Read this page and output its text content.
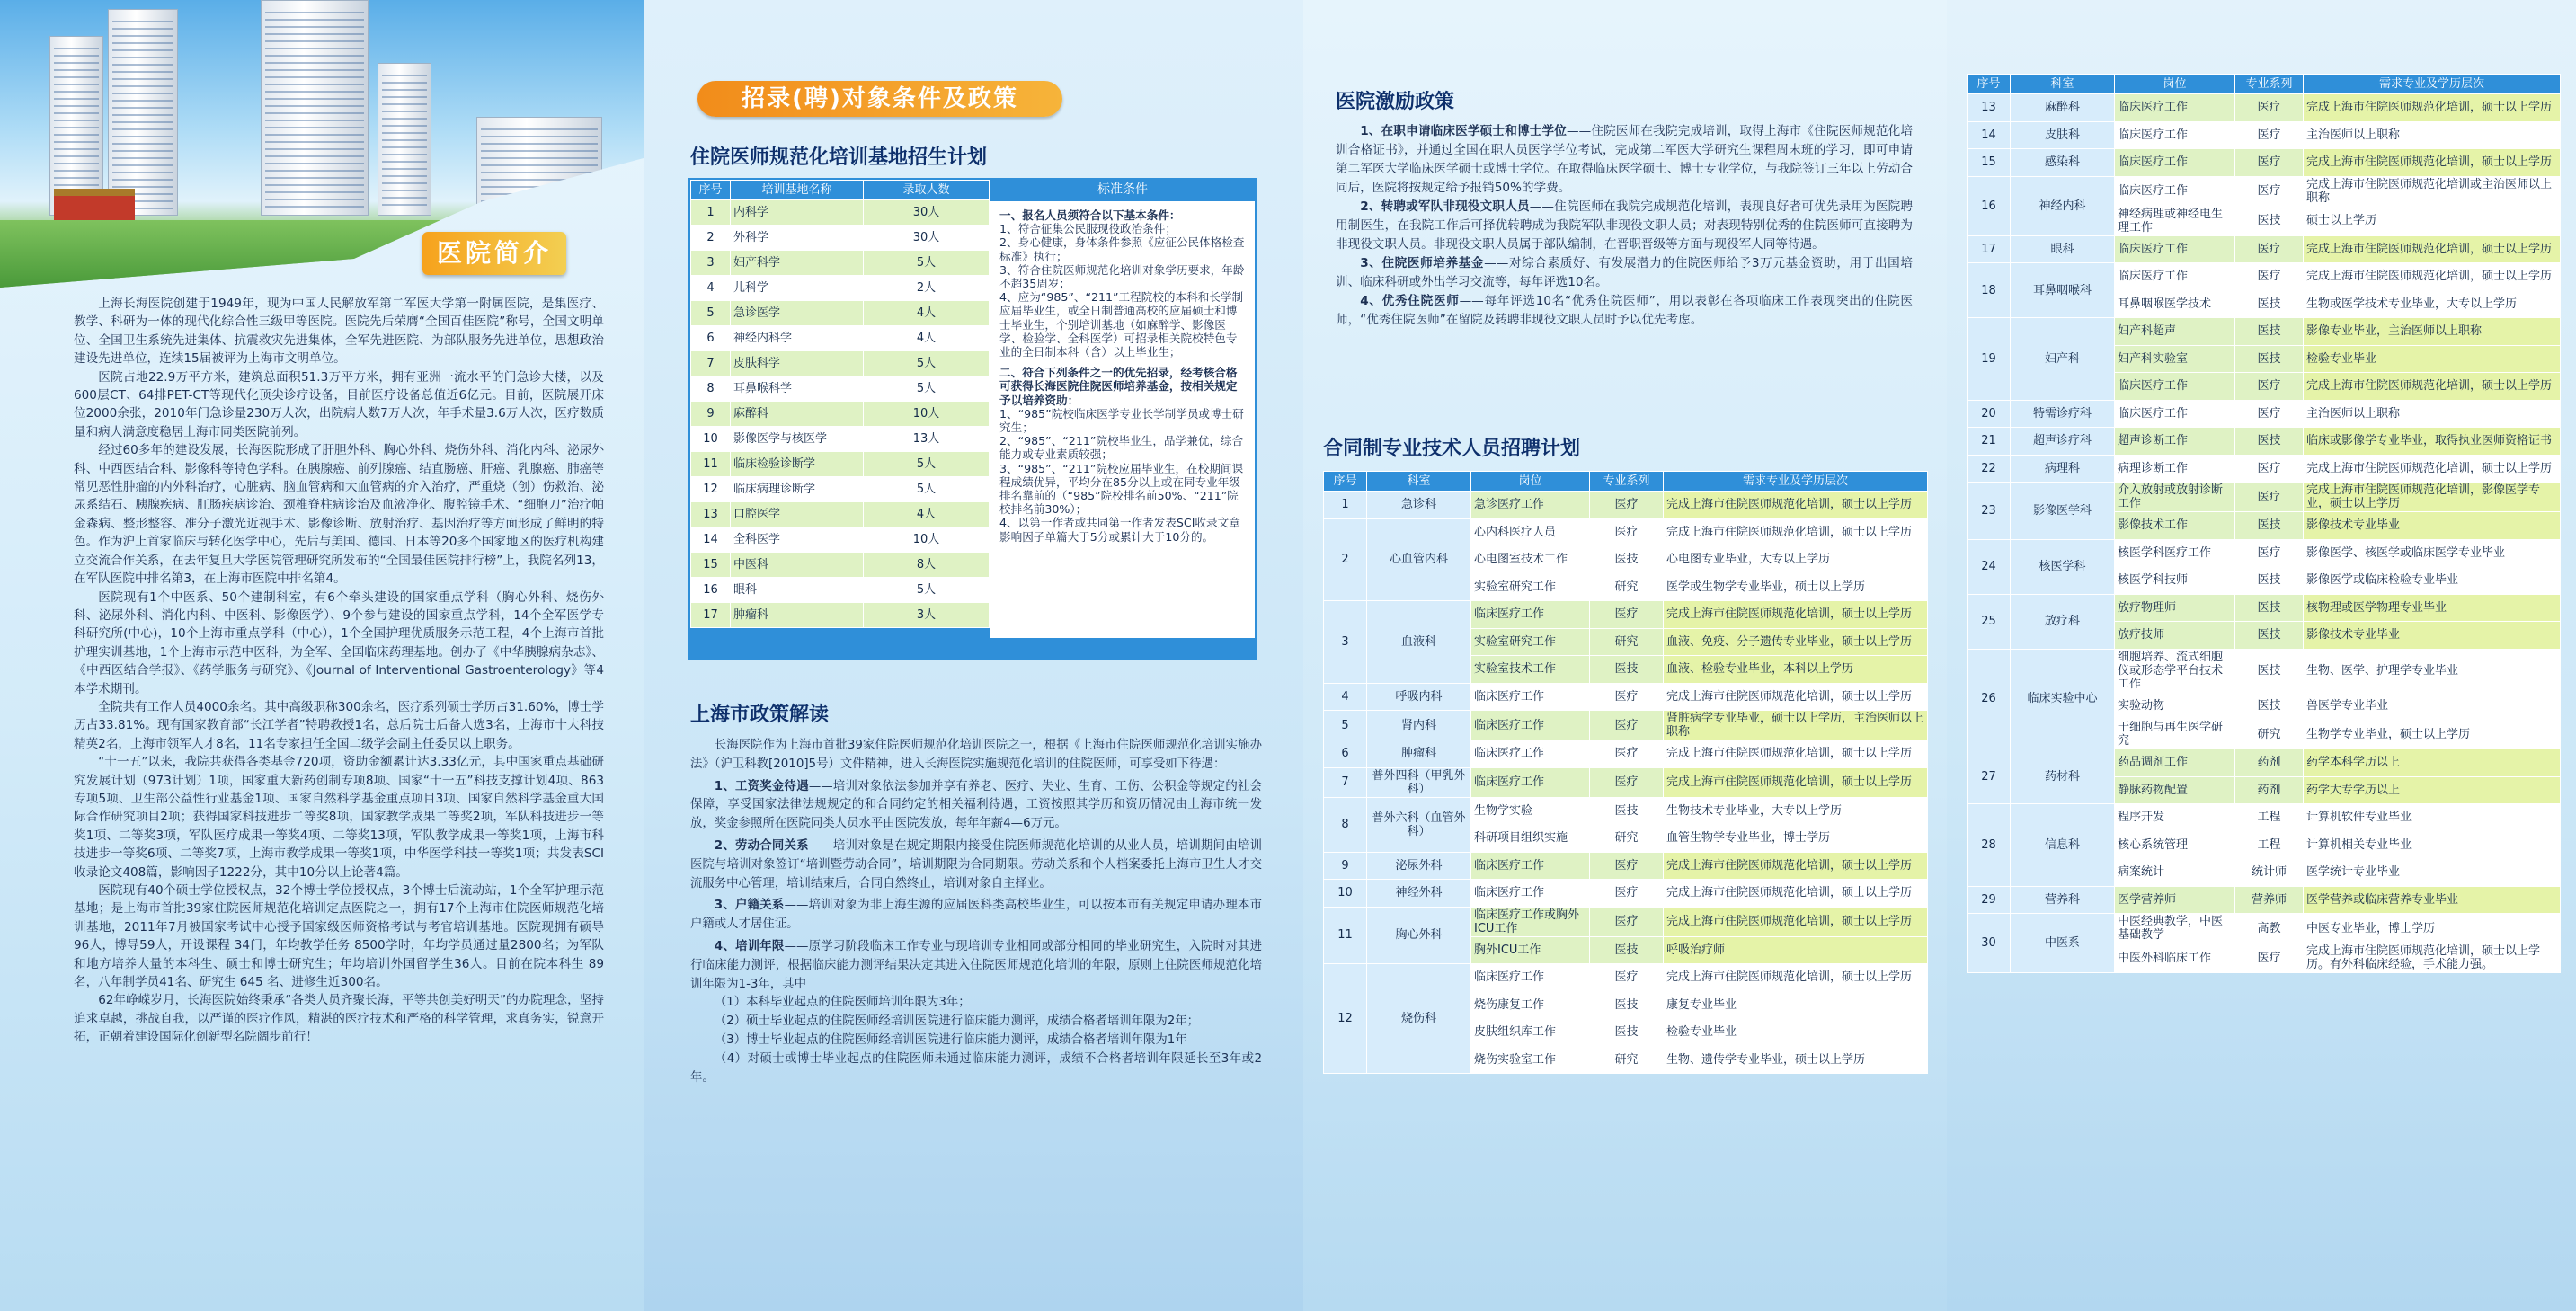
医院简介

上海长海医院创建于1949年，现为中国人民解放军第二军医大学第一附属医院，是集医疗、教学、科研为一体的现代化综合性三级甲等医院。医院先后荣膺“全国百佳医院”称号，全国文明单位、全国卫生系统先进集体、抗震救灾先进集体，全军先进医院、为部队服务先进单位，思想政治建设先进单位，连续15届被评为上海市文明单位。

医院占地22.9万平方米，建筑总面积51.3万平方米，拥有亚洲一流水平的门急诊大楼，以及600层CT、64排PET-CT等现代化顶尖诊疗设备，目前医疗设备总值近6亿元。目前，医院展开床位2000余张，2010年门急诊量230万人次，出院病人数7万人次，年手术量3.6万人次，医疗数质量和病人满意度稳居上海市同类医院前列。

经过60多年的建设发展，长海医院形成了肝胆外科、胸心外科、烧伤外科、消化内科、泌尿外科、中西医结合科、影像科等特色学科。在胰腺癌、前列腺癌、结直肠癌、肝癌、乳腺癌、肺癌等常见恶性肿瘤的内外科治疗，心脏病、脑血管病和大血管病的介入治疗，严重烧（创）伤救治、泌尿系结石、胰腺疾病、肛肠疾病诊治、颈椎脊柱病诊治及血液净化、腹腔镜手术、“细胞刀”治疗帕金森病、整形整容、准分子激光近视手术、影像诊断、放射治疗、基因治疗等方面形成了鲜明的特色。作为沪上首家临床与转化医学中心，先后与美国、德国、日本等20多个国家地区的医疗机构建立交流合作关系，在去年复旦大学医院管理研究所发布的“全国最佳医院排行榜”上，我院名列13，在军队医院中排名第3，在上海市医院中排名第4。

医院现有1个中医系、50个建制科室，有6个牵头建设的国家重点学科（胸心外科、烧伤外科、泌尿外科、消化内科、中医科、影像医学）、9个参与建设的国家重点学科，14个全军医学专科研究所(中心)，10个上海市重点学科（中心），1个全国护理优质服务示范工程，4个上海市首批护理实训基地，1个上海市示范中医科，为全军、全国临床药理基地。创办了《中华胰腺病杂志》、《中西医结合学报》、《药学服务与研究》、《Journal of Interventional Gastroenterology》等4本学术期刊。

全院共有工作人员4000余名。其中高级职称300余名，医疗系列硕士学历占31.60%，博士学历占33.81%。现有国家教育部“长江学者”特聘教授1名，总后院士后备人选3名，上海市十大科技精英2名，上海市领军人才8名，11名专家担任全国二级学会副主任委员以上职务。

“十一五”以来，我院共获得各类基金720项，资助金额累计达3.33亿元，其中国家重点基础研究发展计划（973计划）1项，国家重大新药创制专项8项、国家“十一五”科技支撑计划4项、863专项5项、卫生部公益性行业基金1项、国家自然科学基金重点项目3项、国家自然科学基金重大国际合作研究项目2项；获得国家科技进步二等奖8项，国家教学成果二等奖2项，军队科技进步一等奖1项、二等奖3项，军队医疗成果一等奖4项、二等奖13项，军队教学成果一等奖1项，上海市科技进步一等奖6项、二等奖7项，上海市教学成果一等奖1项，中华医学科技一等奖1项；共发表SCI收录论文408篇，影响因子1222分，其中10分以上论著4篇。

医院现有40个硕士学位授权点，32个博士学位授权点，3个博士后流动站，1个全军护理示范基地；是上海市首批39家住院医师规范化培训定点医院之一，拥有17个上海市住院医师规范化培训基地，2011年7月被国家考试中心授予国家级医师资格考试与考官培训基地。医院现拥有硕导96人，博导59人，开设课程 34门，年均教学任务 8500学时，年均学员通过量2800名；为军队和地方培养大量的本科生、硕士和博士研究生；年均培训外国留学生36人。目前在院本科生 89 名，八年制学员41名、研究生 645 名、进修生近300名。

62年峥嵘岁月，长海医院始终秉承“各类人员齐聚长海，平等共创美好明天”的办院理念，坚持追求卓越，挑战自我，以严谨的医疗作风，精湛的医疗技术和严格的科学管理，求真务实，锐意开拓，正朝着建设国际化创新型名院阔步前行！

招录(聘)对象条件及政策
住院医师规范化培训基地招生计划
序号	培训基地名称	录取人数
1	内科学	30人
2	外科学	30人
3	妇产科学	5人
4	儿科学	2人
5	急诊医学	4人
6	神经内科学	4人
7	皮肤科学	5人
8	耳鼻喉科学	5人
9	麻醉科	10人
10	影像医学与核医学	13人
11	临床检验诊断学	5人
12	临床病理诊断学	5人
13	口腔医学	4人
14	全科医学	10人
15	中医科	8人
16	眼科	5人
17	肿瘤科	3人
标准条件
一、报名人员须符合以下基本条件：
1、符合征集公民服现役政治条件；
2、身心健康，身体条件参照《应征公民体格检查标准》执行；
3、符合住院医师规范化培训对象学历要求，年龄不超35周岁；
4、应为“985”、“211”工程院校的本科和长学制应届毕业生，或全日制普通高校的应届硕士和博士毕业生，个别培训基地（如麻醉学、影像医学、检验学、全科医学）可招录相关院校特色专业的全日制本科（含）以上毕业生；
二、符合下列条件之一的优先招录，经考核合格可获得长海医院住院医师培养基金，按相关规定予以培养资助：
1、“985”院校临床医学专业长学制学员或博士研究生；
2、“985”、“211”院校毕业生，品学兼优，综合能力或专业素质较强；
3、“985”、“211”院校应届毕业生，在校期间课程成绩优异，平均分在85分以上或在同专业年级排名靠前的（“985”院校排名前50%、“211”院校排名前30%）；
4、以第一作者或共同第一作者发表SCI收录文章影响因子单篇大于5分或累计大于10分的。
上海市政策解读

长海医院作为上海市首批39家住院医师规范化培训医院之一，根据《上海市住院医师规范化培训实施办法》（沪卫科教[2010]5号）文件精神，进入长海医院实施规范化培训的住院医师，可享受如下待遇：

1、工资奖金待遇——培训对象依法参加并享有养老、医疗、失业、生育、工伤、公积金等规定的社会保障，享受国家法律法规规定的和合同约定的相关福利待遇，工资按照其学历和资历情况由上海市统一发放，奖金参照所在医院同类人员水平由医院发放，每年年薪4—6万元。

2、劳动合同关系——培训对象是在规定期限内接受住院医师规范化培训的从业人员，培训期间由培训医院与培训对象签订“培训暨劳动合同”，培训期限为合同期限。劳动关系和个人档案委托上海市卫生人才交流服务中心管理，培训结束后，合同自然终止，培训对象自主择业。

3、户籍关系——培训对象为非上海生源的应届医科类高校毕业生，可以按本市有关规定申请办理本市户籍或人才居住证。

4、培训年限——原学习阶段临床工作专业与现培训专业相同或部分相同的毕业研究生，入院时对其进行临床能力测评，根据临床能力测评结果决定其进入住院医师规范化培训的年限，原则上住院医师规范化培训年限为1-3年，其中

（1）本科毕业起点的住院医师培训年限为3年；

（2）硕士毕业起点的住院医师经培训医院进行临床能力测评，成绩合格者培训年限为2年；

（3）博士毕业起点的住院医师经培训医院进行临床能力测评，成绩合格者培训年限为1年

（4）对硕士或博士毕业起点的住院医师未通过临床能力测评，成绩不合格者培训年限延长至3年或2年。

医院激励政策

1、在职申请临床医学硕士和博士学位——住院医师在我院完成培训，取得上海市《住院医师规范化培训合格证书》，并通过全国在职人员医学学位考试，完成第二军医大学研究生课程周末班的学习，即可申请第二军医大学临床医学硕士或博士学位。在取得临床医学硕士、博士专业学位，与我院签订三年以上劳动合同后，医院将按规定给予报销50%的学费。

2、转聘或军队非现役文职人员——住院医师在我院完成规范化培训，表现良好者可优先录用为医院聘用制医生，在我院工作后可择优转聘成为我院军队非现役文职人员；对表现特别优秀的住院医师可直接聘为非现役文职人员。非现役文职人员属于部队编制，在晋职晋级等方面与现役军人同等待遇。

3、住院医师培养基金——对综合素质好、有发展潜力的住院医师给予3万元基金资助，用于出国培训、临床科研或外出学习交流等，每年评选10名。

4、优秀住院医师——每年评选10名“优秀住院医师”，用以表彰在各项临床工作表现突出的住院医师，“优秀住院医师”在留院及转聘非现役文职人员时予以优先考虑。

合同制专业技术人员招聘计划
序号	科室	岗位	专业系列	需求专业及学历层次
1	急诊科	急诊医疗工作	医疗	完成上海市住院医师规范化培训，硕士以上学历
2	心血管内科	心内科医疗人员	医疗	完成上海市住院医师规范化培训，硕士以上学历
		心电图室技术工作	医技	心电图专业毕业，大专以上学历
		实验室研究工作	研究	医学或生物学专业毕业，硕士以上学历
3	血液科	临床医疗工作	医疗	完成上海市住院医师规范化培训，硕士以上学历
		实验室研究工作	研究	血液、免疫、分子遗传专业毕业，硕士以上学历
		实验室技术工作	医技	血液、检验专业毕业，本科以上学历
4	呼吸内科	临床医疗工作	医疗	完成上海市住院医师规范化培训，硕士以上学历
5	肾内科	临床医疗工作	医疗	肾脏病学专业毕业，硕士以上学历，主治医师以上职称
6	肿瘤科	临床医疗工作	医疗	完成上海市住院医师规范化培训，硕士以上学历
7	普外四科（甲乳外科）	临床医疗工作	医疗	完成上海市住院医师规范化培训，硕士以上学历
8	普外六科（血管外科）	生物学实验	医技	生物技术专业毕业，大专以上学历
		科研项目组织实施	研究	血管生物学专业毕业，博士学历
9	泌尿外科	临床医疗工作	医疗	完成上海市住院医师规范化培训，硕士以上学历
10	神经外科	临床医疗工作	医疗	完成上海市住院医师规范化培训，硕士以上学历
11	胸心外科	临床医疗工作或胸外ICU工作	医疗	完成上海市住院医师规范化培训，硕士以上学历
		胸外ICU工作	医技	呼吸治疗师
12	烧伤科	临床医疗工作	医疗	完成上海市住院医师规范化培训，硕士以上学历
		烧伤康复工作	医技	康复专业毕业
		皮肤组织库工作	医技	检验专业毕业
		烧伤实验室工作	研究	生物、遗传学专业毕业，硕士以上学历
序号	科室	岗位	专业系列	需求专业及学历层次
13	麻醉科	临床医疗工作	医疗	完成上海市住院医师规范化培训，硕士以上学历
14	皮肤科	临床医疗工作	医疗	主治医师以上职称
15	感染科	临床医疗工作	医疗	完成上海市住院医师规范化培训，硕士以上学历
16	神经内科	临床医疗工作	医疗	完成上海市住院医师规范化培训或主治医师以上职称
		神经病理或神经电生理工作	医技	硕士以上学历
17	眼科	临床医疗工作	医疗	完成上海市住院医师规范化培训，硕士以上学历
18	耳鼻咽喉科	临床医疗工作	医疗	完成上海市住院医师规范化培训，硕士以上学历
		耳鼻咽喉医学技术	医技	生物或医学技术专业毕业，大专以上学历
19	妇产科	妇产科超声	医技	影像专业毕业，主治医师以上职称
		妇产科实验室	医技	检验专业毕业
		临床医疗工作	医疗	完成上海市住院医师规范化培训，硕士以上学历
20	特需诊疗科	临床医疗工作	医疗	主治医师以上职称
21	超声诊疗科	超声诊断工作	医技	临床或影像学专业毕业，取得执业医师资格证书
22	病理科	病理诊断工作	医疗	完成上海市住院医师规范化培训，硕士以上学历
23	影像医学科	介入放射或放射诊断工作	医疗	完成上海市住院医师规范化培训，影像医学专业，硕士以上学历
		影像技术工作	医技	影像技术专业毕业
24	核医学科	核医学科医疗工作	医疗	影像医学、核医学或临床医学专业毕业
		核医学科技师	医技	影像医学或临床检验专业毕业
25	放疗科	放疗物理师	医技	核物理或医学物理专业毕业
		放疗技师	医技	影像技术专业毕业
26	临床实验中心	细胞培养、流式细胞仪或形态学平台技术工作	医技	生物、医学、护理学专业毕业
		实验动物	医技	兽医学专业毕业
		干细胞与再生医学研究	研究	生物学专业毕业，硕士以上学历
27	药材科	药品调剂工作	药剂	药学本科学历以上
		静脉药物配置	药剂	药学大专学历以上
28	信息科	程序开发	工程	计算机软件专业毕业
		核心系统管理	工程	计算机相关专业毕业
		病案统计	统计师	医学统计专业毕业
29	营养科	医学营养师	营养师	医学营养或临床营养专业毕业
30	中医系	中医经典教学，中医基础教学	高教	中医专业毕业，博士学历
		中医外科临床工作	医疗	完成上海市住院医师规范化培训，硕士以上学历。有外科临床经验，手术能力强。
